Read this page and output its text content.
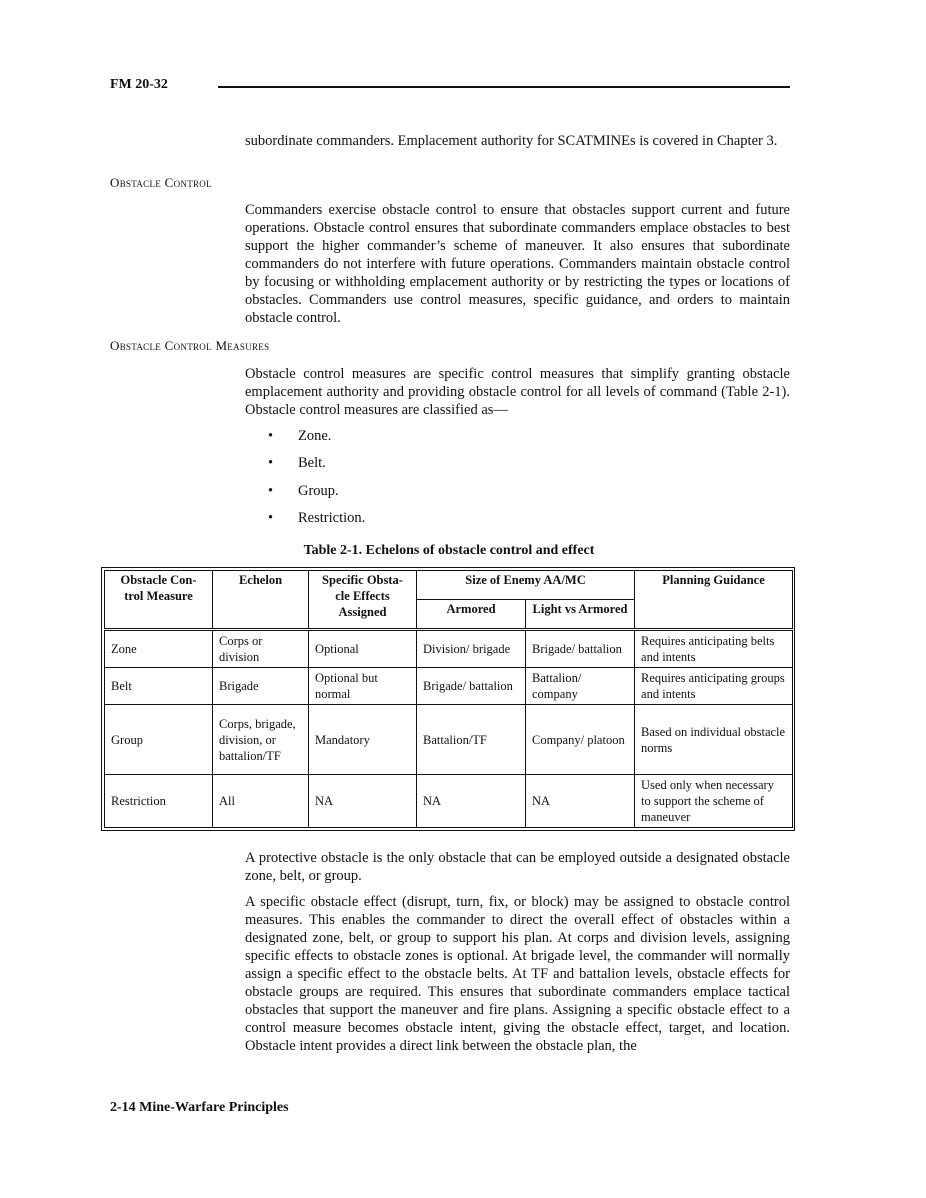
FM 20-32

subordinate commanders. Emplacement authority for SCATMINEs is covered in Chapter 3.

Obstacle Control

Commanders exercise obstacle control to ensure that obstacles support current and future operations. Obstacle control ensures that subordinate commanders emplace obstacles to best support the higher commander’s scheme of maneuver. It also ensures that subordinate commanders do not interfere with future operations. Commanders maintain obstacle control by focusing or withholding emplacement authority or by restricting the types or locations of obstacles. Commanders use control measures, specific guidance, and orders to maintain obstacle control.

Obstacle Control Measures

Obstacle control measures are specific control measures that simplify granting obstacle emplacement authority and providing obstacle control for all levels of command (Table 2-1). Obstacle control measures are classified as—

• Zone.
• Belt.
• Group.
• Restriction.
Table 2-1. Echelons of obstacle control and effect
Obstacle Con-trol Measure	Echelon	Specific Obsta-cle Effects Assigned	Size of Enemy AA/MC		Planning Guidance
			Armored	Light vs Armored	
Zone	Corps or division	Optional	Division/ brigade	Brigade/ battalion	Requires anticipating belts and intents
Belt	Brigade	Optional but normal	Brigade/ battalion	Battalion/ company	Requires anticipating groups and intents
Group	Corps, brigade, division, or battalion/TF	Mandatory	Battalion/TF	Company/ platoon	Based on individual obstacle norms
Restriction	All	NA	NA	NA	Used only when necessary to support the scheme of maneuver

A protective obstacle is the only obstacle that can be employed outside a designated obstacle zone, belt, or group.

A specific obstacle effect (disrupt, turn, fix, or block) may be assigned to obstacle control measures. This enables the commander to direct the overall effect of obstacles within a designated zone, belt, or group to support his plan. At corps and division levels, assigning specific effects to obstacle zones is optional. At brigade level, the commander will normally assign a specific effect to the obstacle belts. At TF and battalion levels, obstacle effects for obstacle groups are required. This ensures that subordinate commanders emplace tactical obstacles that support the maneuver and fire plans. Assigning a specific obstacle effect to a control measure becomes obstacle intent, giving the obstacle effect, target, and location. Obstacle intent provides a direct link between the obstacle plan, the

2-14 Mine-Warfare Principles
